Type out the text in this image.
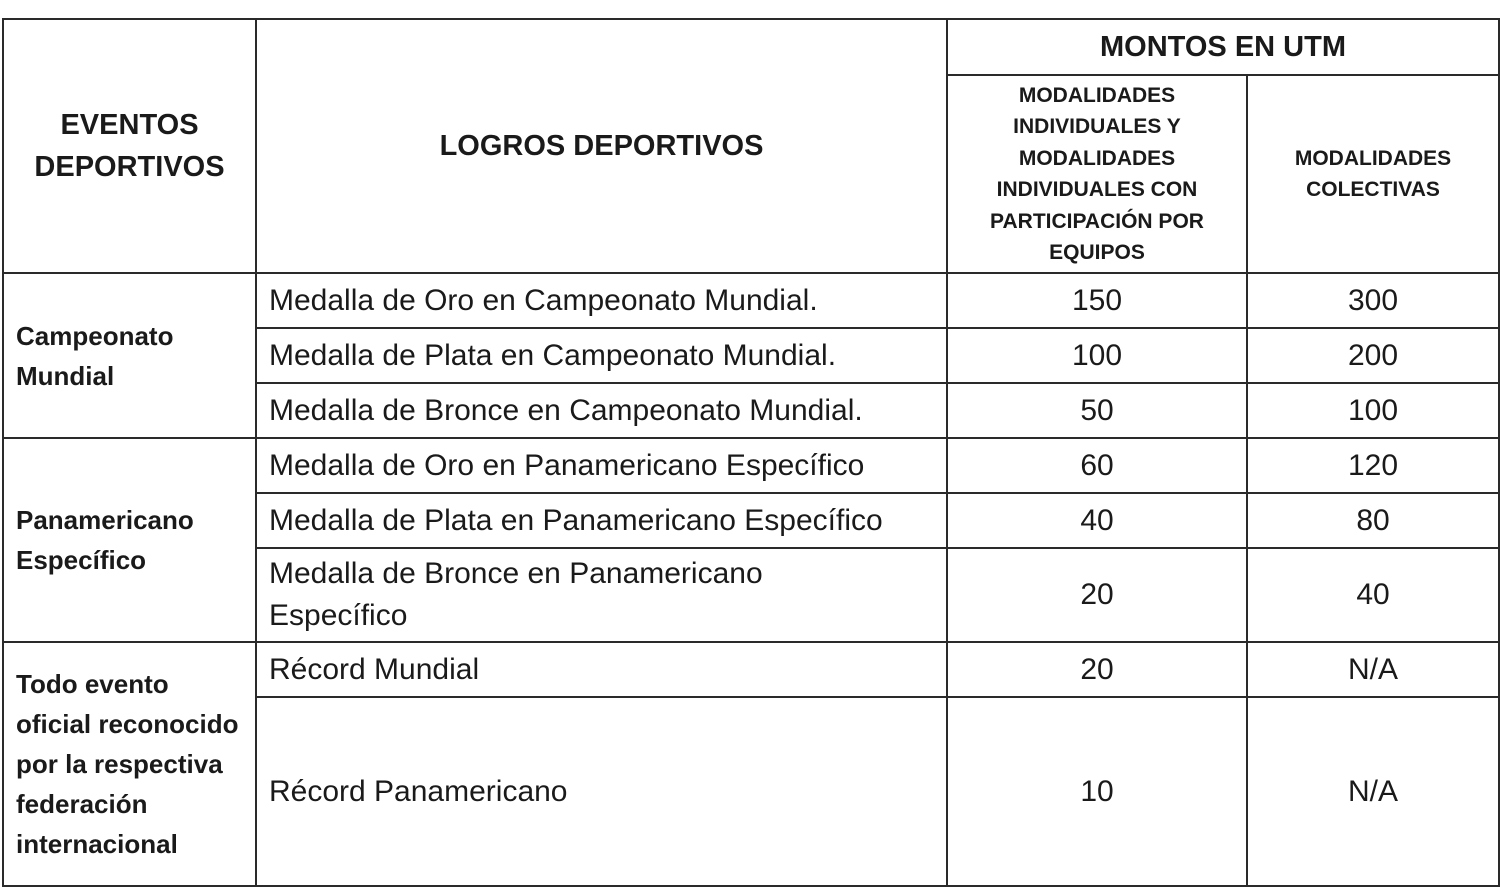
EVENTOS DEPORTIVOS	LOGROS DEPORTIVOS	MONTOS EN UTM	

		MODALIDADES INDIVIDUALES Y MODALIDADES INDIVIDUALES CON PARTICIPACIÓN POR EQUIPOS	MODALIDADES COLECTIVAS

Campeonato Mundial	Medalla de Oro en Campeonato Mundial.	150	300
	Medalla de Plata en Campeonato Mundial.	100	200
	Medalla de Bronce en Campeonato Mundial.	50	100
Panamericano Específico	Medalla de Oro en Panamericano Específico	60	120
	Medalla de Plata en Panamericano Específico	40	80

	Medalla de Bronce en Panamericano Específico	20	40
Todo evento oficial reconocido por la respectiva federación internacional	Récord Mundial	20	N/A
	Récord Panamericano	10	N/A
